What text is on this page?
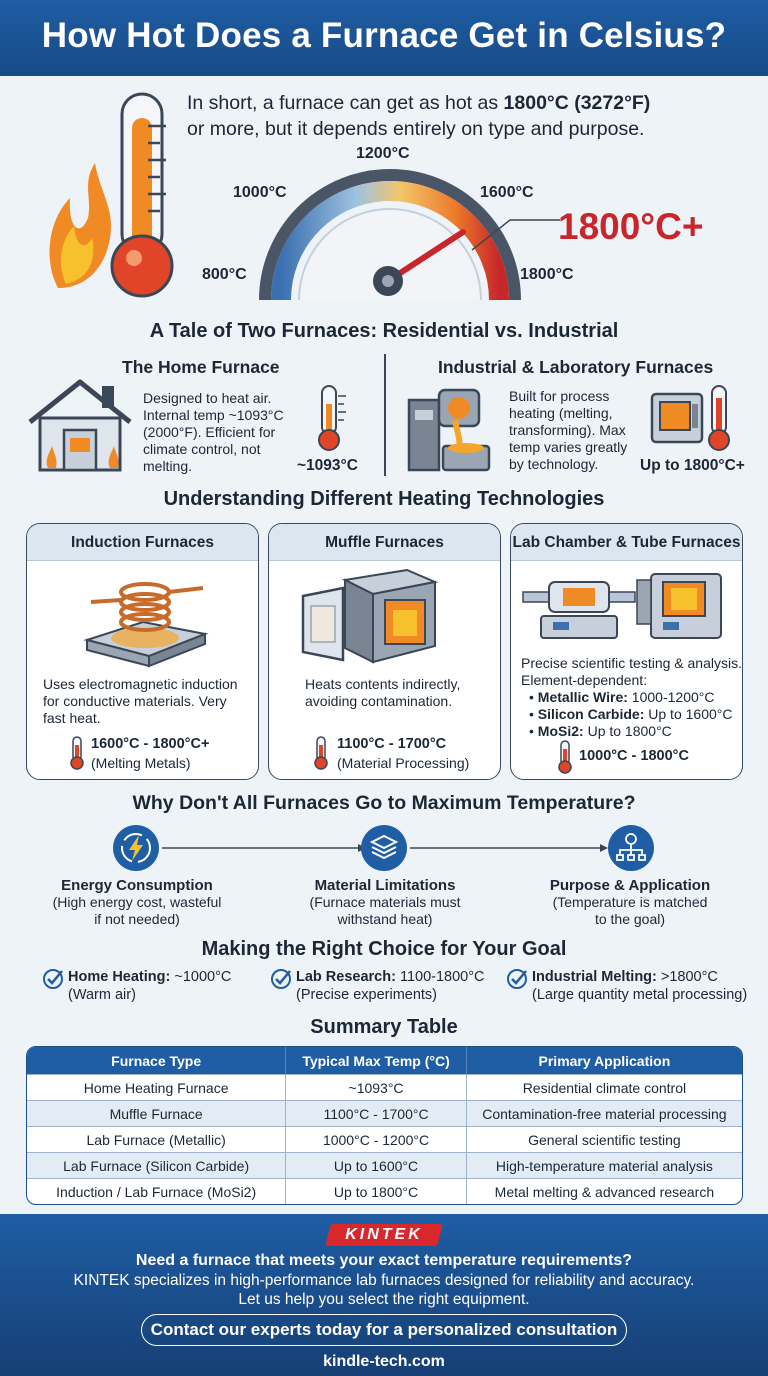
How Hot Does a Furnace Get in Celsius?
In short, a furnace can get as hot as 1800°C (3272°F) or more, but it depends entirely on type and purpose.
800°C
1000°C
1200°C
1600°C
1800°C
1800°C+
A Tale of Two Furnaces: Residential vs. Industrial
The Home Furnace
Designed to heat air.
Internal temp ~1093°C
(2000°F). Efficient for
climate control, not
melting.	~1093°C
Industrial & Laboratory Furnaces
Built for process
heating (melting,
transforming). Max
temp varies greatly
by technology.	Up to 1800°C+
Understanding Different Heating Technologies
Induction Furnaces
Uses electromagnetic induction
for conductive materials. Very
fast heat.
1600°C - 1800°C+
(Melting Metals)
Muffle Furnaces
Heats contents indirectly,
avoiding contamination.
1100°C - 1700°C
(Material Processing)
Lab Chamber & Tube Furnaces
Precise scientific testing & analysis.
Element-dependent:
• Metallic Wire: 1000-1200°C
• Silicon Carbide: Up to 1600°C
• MoSi2: Up to 1800°C
1000°C - 1800°C
Why Don't All Furnaces Go to Maximum Temperature?
Energy Consumption
(High energy cost, wasteful
if not needed)
Material Limitations
(Furnace materials must
withstand heat)
Purpose & Application
(Temperature is matched
to the goal)
Making the Right Choice for Your Goal
Home Heating: ~1000°C
(Warm air)
Lab Research: 1100-1800°C
(Precise experiments)
Industrial Melting: >1800°C
(Large quantity metal processing)
Summary Table
Furnace Type	Typical Max Temp (°C)	Primary Application
Home Heating Furnace	~1093°C	Residential climate control
Muffle Furnace	1100°C - 1700°C	Contamination-free material processing
Lab Furnace (Metallic)	1000°C - 1200°C	General scientific testing
Lab Furnace (Silicon Carbide)	Up to 1600°C	High-temperature material analysis
Induction / Lab Furnace (MoSi2)	Up to 1800°C	Metal melting & advanced research
KINTEK
Need a furnace that meets your exact temperature requirements?
KINTEK specializes in high-performance lab furnaces designed for reliability and accuracy.
Let us help you select the right equipment.
Contact our experts today for a personalized consultation
kindle-tech.com
